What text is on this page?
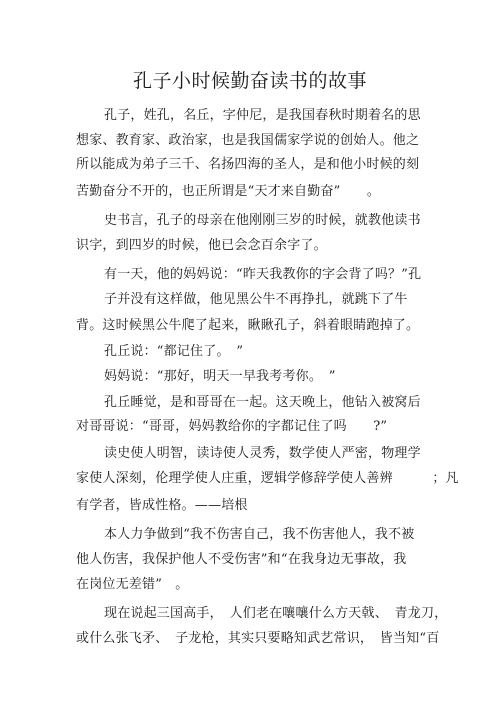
孔子小时候勤奋读书的故事
孔子，姓孔，名丘，字仲尼，是我国春秋时期着名的思
想家、教育家、政治家，也是我国儒家学说的创始人。他之
所以能成为弟子三千、名扬四海的圣人，是和他小时候的刻
苦勤奋分不开的，也正所谓是“天才来自勤奋”　　。
史书言，孔子的母亲在他刚刚三岁的时候，就教他读书
识字，到四岁的时候，他已会念百余字了。
有一天，他的妈妈说：“昨天我教你的字会背了吗？”孔
子并没有这样做，他见黑公牛不再挣扎，就跳下了牛
背。这时候黑公牛爬了起来，瞅瞅孔子，斜着眼睛跑掉了。
孔丘说：“都记住了。　”
妈妈说：“那好，明天一早我考考你。　”
孔丘睡觉，是和哥哥在一起。这天晚上，他钻入被窝后
对哥哥说：“哥哥，妈妈教给你的字都记住了吗　　?”
读史使人明智，读诗使人灵秀，数学使人严密，物理学
家使人深刻，伦理学使人庄重，逻辑学修辞学使人善辨　　　；凡
有学者，皆成性格。——培根
本人力争做到“我不伤害自己，我不伤害他人，我不被
他人伤害，我保护他人不受伤害”和“在我身边无事故，我
在岗位无差错”　。
现在说起三国高手，　人们老在嚷嚷什么方天戟、　青龙刀，
或什么张飞矛、　子龙枪，其实只要略知武艺常识，　皆当知“百
